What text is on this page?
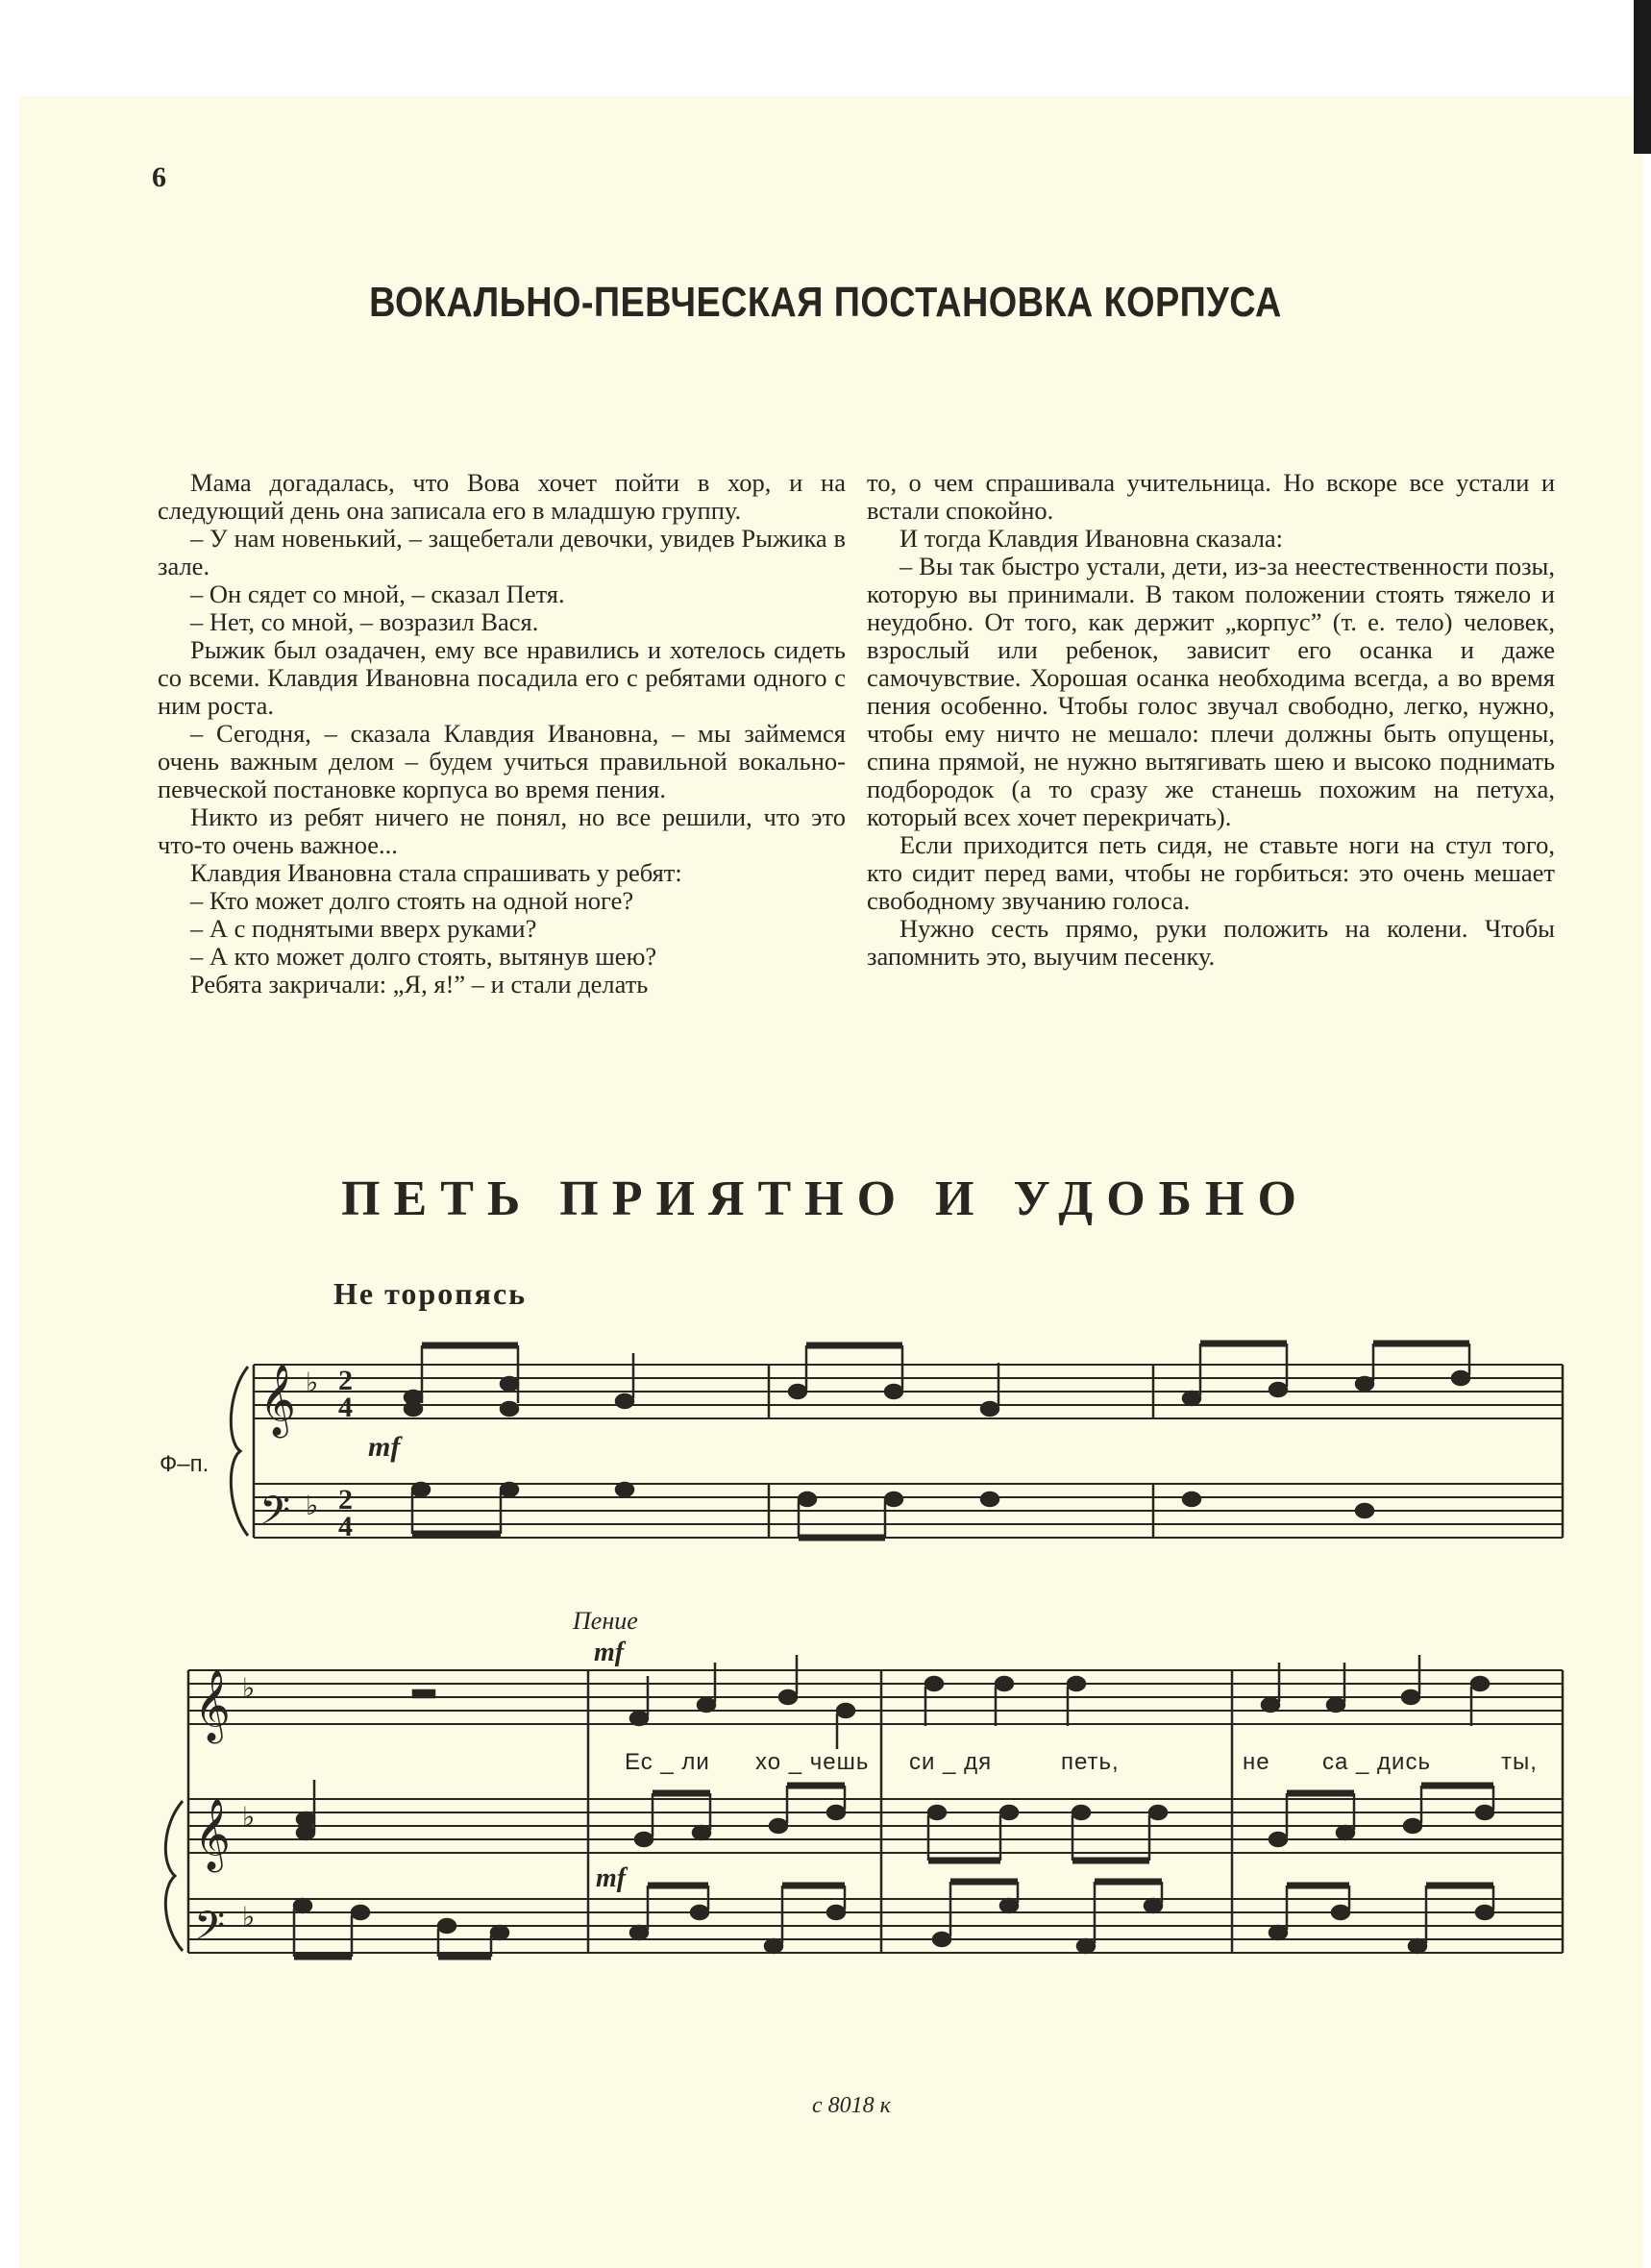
6
ВОКАЛЬНО-ПЕВЧЕСКАЯ ПОСТАНОВКА КОРПУСА

Мама догадалась, что Вова хочет пойти в хор, и на следующий день она записала его в младшую группу.

– У нам новенький, – защебетали девочки, увидев Рыжика в зале.

– Он сядет со мной, – сказал Петя.

– Нет, со мной, – возразил Вася.

Рыжик был озадачен, ему все нравились и хотелось сидеть со всеми. Клавдия Ивановна посадила его с ребятами одного с ним роста.

– Сегодня, – сказала Клавдия Ивановна, – мы займемся очень важным делом – будем учиться правильной вокально-певческой постановке корпуса во время пения.

Никто из ребят ничего не понял, но все решили, что это что-то очень важное...

Клавдия Ивановна стала спрашивать у ребят:

– Кто может долго стоять на одной ноге?

– А с поднятыми вверх руками?

– А кто может долго стоять, вытянув шею?

Ребята закричали: „Я, я!” – и стали делать

то, о чем спрашивала учительница. Но вскоре все устали и встали спокойно.

И тогда Клавдия Ивановна сказала:

– Вы так быстро устали, дети, из-за неестественности позы, которую вы принимали. В таком положении стоять тяжело и неудобно. От того, как держит „корпус” (т. е. тело) человек, взрослый или ребенок, зависит его осанка и даже самочувствие. Хорошая осанка необходима всегда, а во время пения особенно. Чтобы голос звучал свободно, легко, нужно, чтобы ему ничто не мешало: плечи должны быть опущены, спина прямой, не нужно вытягивать шею и высоко поднимать подбородок (а то сразу же станешь похожим на петуха, который всех хочет перекричать).

Если приходится петь сидя, не ставьте ноги на стул того, кто сидит перед вами, чтобы не горбиться: это очень мешает свободному звучанию голоса.

Нужно сесть прямо, руки положить на колени. Чтобы запомнить это, выучим песенку.

ПЕТЬ ПРИЯТНО И УДОБНО
Не торопясь
Ф–п.
Пение
Ес _ ли хо _ чешь си _ дя	петь,	не са _ дись	ты,
с 8018 к
𝄞
𝄢
𝄞
𝄞
𝄢
♭
♭
♭
♭
♭
2
4
2
4
mf
mf
mf
